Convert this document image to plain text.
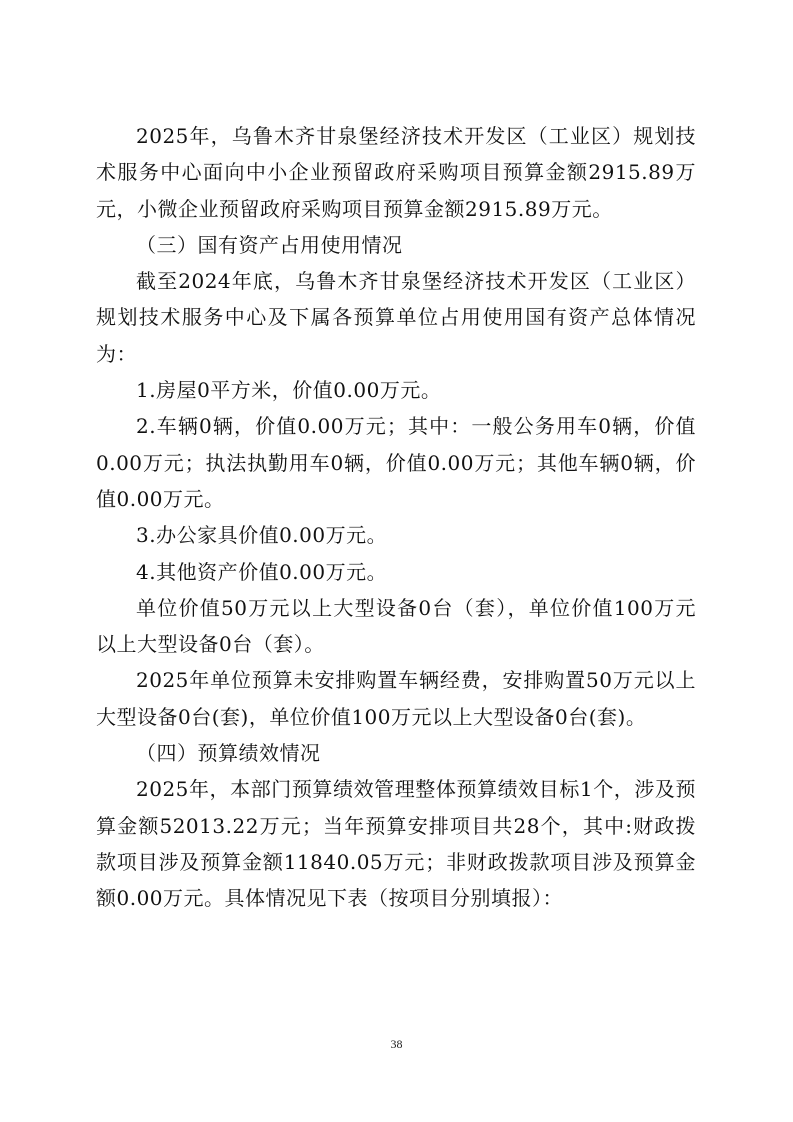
2025年，乌鲁木齐甘泉堡经济技术开发区（工业区）规划技术服务中心面向中小企业预留政府采购项目预算金额2915.89万元，小微企业预留政府采购项目预算金额2915.89万元。

（三）国有资产占用使用情况

截至2024年底，乌鲁木齐甘泉堡经济技术开发区（工业区）规划技术服务中心及下属各预算单位占用使用国有资产总体情况为：

1.房屋0平方米，价值0.00万元。

2.车辆0辆，价值0.00万元；其中：一般公务用车0辆，价值0.00万元；执法执勤用车0辆，价值0.00万元；其他车辆0辆，价值0.00万元。

3.办公家具价值0.00万元。

4.其他资产价值0.00万元。

单位价值50万元以上大型设备0台（套），单位价值100万元以上大型设备0台（套）。

2025年单位预算未安排购置车辆经费，安排购置50万元以上大型设备0台(套)，单位价值100万元以上大型设备0台(套)。

（四）预算绩效情况

2025年，本部门预算绩效管理整体预算绩效目标1个，涉及预算金额52013.22万元；当年预算安排项目共28个，其中:财政拨款项目涉及预算金额11840.05万元；非财政拨款项目涉及预算金额0.00万元。具体情况见下表（按项目分别填报）：

38
